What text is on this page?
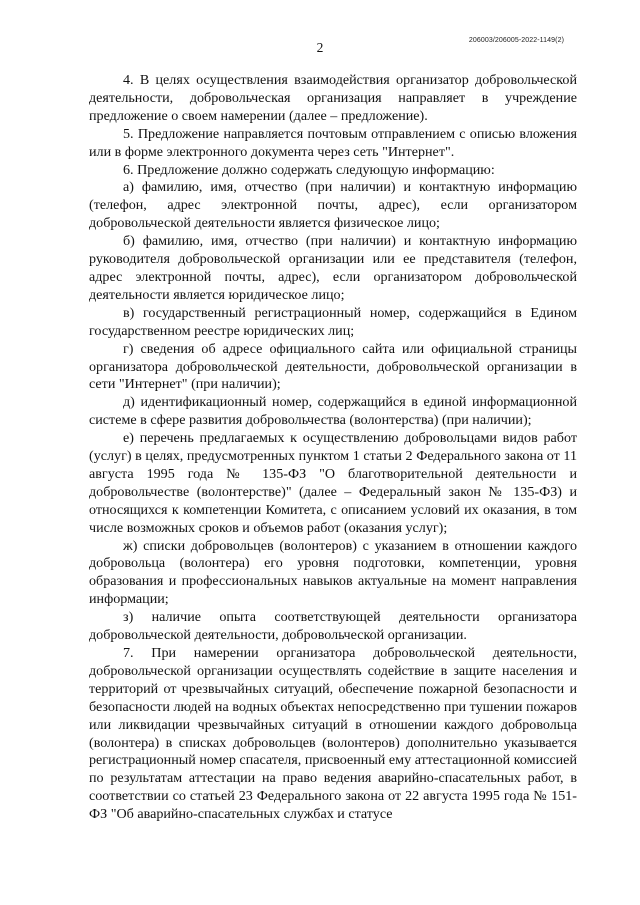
206003/206005-2022-1149(2)
2

4. В целях осуществления взаимодействия организатор добровольческой деятельности, добровольческая организация направляет в учреждение предложение о своем намерении (далее – предложение).

5. Предложение направляется почтовым отправлением с описью вложения или в форме электронного документа через сеть "Интернет".

6. Предложение должно содержать следующую информацию:

а) фамилию, имя, отчество (при наличии) и контактную информацию (телефон, адрес электронной почты, адрес), если организатором добровольческой деятельности является физическое лицо;

б) фамилию, имя, отчество (при наличии) и контактную информацию руководителя добровольческой организации или ее представителя (телефон, адрес электронной почты, адрес), если организатором добровольческой деятельности является юридическое лицо;

в) государственный регистрационный номер, содержащийся в Едином государственном реестре юридических лиц;

г) сведения об адресе официального сайта или официальной страницы организатора добровольческой деятельности, добровольческой организации в сети "Интернет" (при наличии);

д) идентификационный номер, содержащийся в единой информационной системе в сфере развития добровольчества (волонтерства) (при наличии);

е) перечень предлагаемых к осуществлению добровольцами видов работ (услуг) в целях, предусмотренных пунктом 1 статьи 2 Федерального закона от 11 августа 1995 года № 135-ФЗ "О благотворительной деятельности и добровольчестве (волонтерстве)" (далее – Федеральный закон № 135-ФЗ) и относящихся к компетенции Комитета, с описанием условий их оказания, в том числе возможных сроков и объемов работ (оказания услуг);

ж) списки добровольцев (волонтеров) с указанием в отношении каждого добровольца (волонтера) его уровня подготовки, компетенции, уровня образования и профессиональных навыков актуальные на момент направления информации;

з) наличие опыта соответствующей деятельности организатора добровольческой деятельности, добровольческой организации.

7. При намерении организатора добровольческой деятельности, добровольческой организации осуществлять содействие в защите населения и территорий от чрезвычайных ситуаций, обеспечение пожарной безопасности и безопасности людей на водных объектах непосредственно при тушении пожаров или ликвидации чрезвычайных ситуаций в отношении каждого добровольца (волонтера) в списках добровольцев (волонтеров) дополнительно указывается регистрационный номер спасателя, присвоенный ему аттестационной комиссией по результатам аттестации на право ведения аварийно-спасательных работ, в соответствии со статьей 23 Федерального закона от 22 августа 1995 года № 151-ФЗ "Об аварийно-спасательных службах и статусе
